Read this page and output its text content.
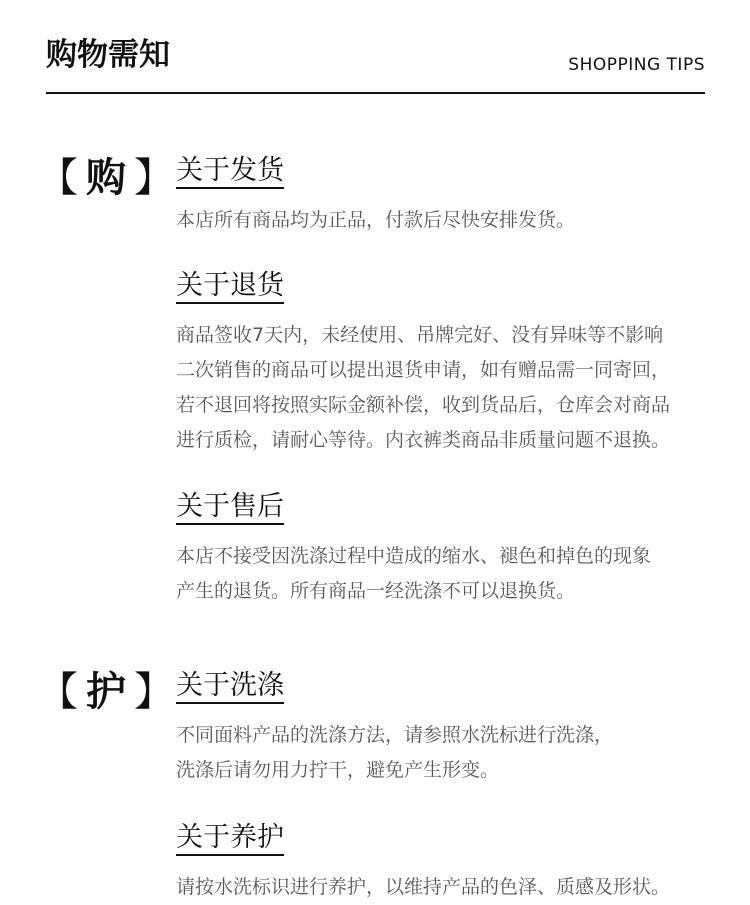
购物需知	SHOPPING TIPS
【 购 】 关于发货

本店所有商品均为正品，付款后尽快安排发货。

关于退货

商品签收7天内，未经使用、吊牌完好、没有异味等不影响

二次销售的商品可以提出退货申请，如有赠品需一同寄回，

若不退回将按照实际金额补偿，收到货品后，仓库会对商品

进行质检，请耐心等待。内衣裤类商品非质量问题不退换。

关于售后

本店不接受因洗涤过程中造成的缩水、褪色和掉色的现象

产生的退货。所有商品一经洗涤不可以退换货。

【 护 】 关于洗涤

不同面料产品的洗涤方法，请参照水洗标进行洗涤，

洗涤后请勿用力拧干，避免产生形变。

关于养护

请按水洗标识进行养护，以维持产品的色泽、质感及形状。
